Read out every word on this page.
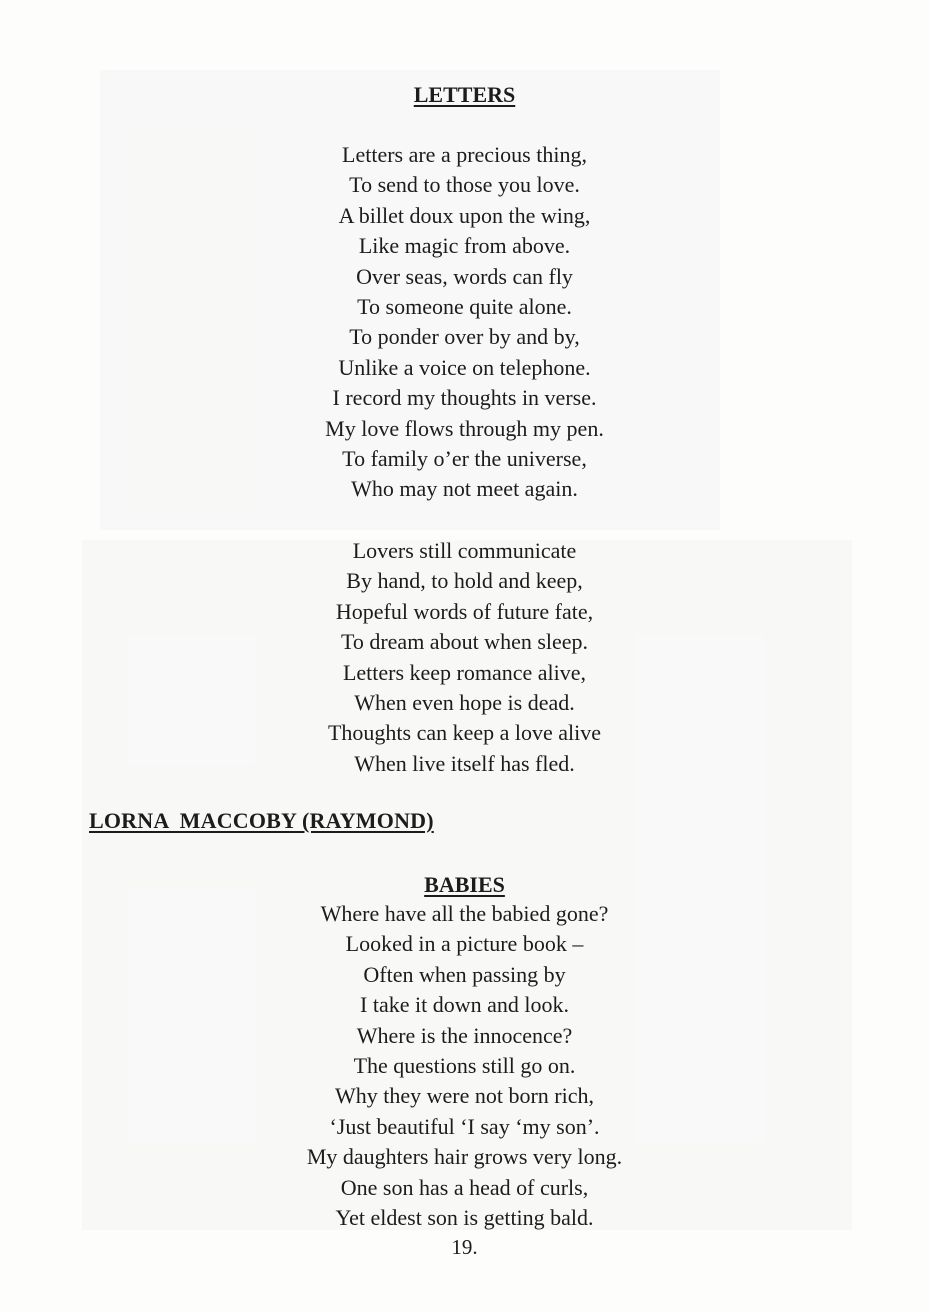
LETTERS
Letters are a precious thing,
To send to those you love.
A billet doux upon the wing,
Like magic from above.
Over seas, words can fly
To someone quite alone.
To ponder over by and by,
Unlike a voice on telephone.
I record my thoughts in verse.
My love flows through my pen.
To family o’er the universe,
Who may not meet again.
Lovers still communicate
By hand, to hold and keep,
Hopeful words of future fate,
To dream about when sleep.
Letters keep romance alive,
When even hope is dead.
Thoughts can keep a love alive
When live itself has fled.
LORNA  MACCOBY (RAYMOND)
BABIES
Where have all the babied gone?
Looked in a picture book –
Often when passing by
I take it down and look.
Where is the innocence?
The questions still go on.
Why they were not born rich,
‘Just beautiful ‘I say ‘my son’.
My daughters hair grows very long.
One son has a head of curls,
Yet eldest son is getting bald.
19.
